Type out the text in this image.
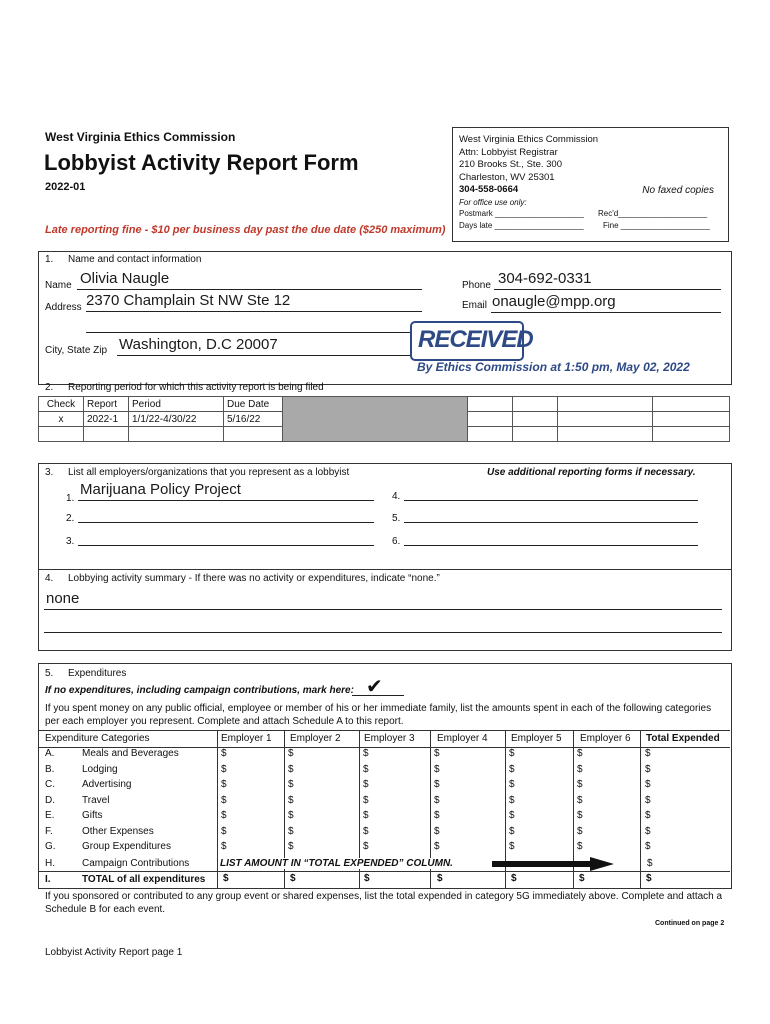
West Virginia Ethics Commission
Lobbyist Activity Report Form
2022-01
Late reporting fine - $10 per business day past the due date ($250 maximum)
West Virginia Ethics Commission
Attn: Lobbyist Registrar
210 Brooks St., Ste. 300
Charleston, WV 25301
304-558-0664	No faxed copies
For office use only:
Postmark ____________________ Rec'd____________________
Days late ____________________ Fine ____________________
1. Name and contact information
Name Olivia Naugle
Address 2370 Champlain St NW Ste 12
City, State Zip Washington, D.C 20007
Phone 304-692-0331
Email onaugle@mpp.org
RECEIVED
By Ethics Commission at 1:50 pm, May 02, 2022
2. Reporting period for which this activity report is being filed
Check	Report	Period	Due Date					
x	2022-1	1/1/22-4/30/22	5/16/22					

3. List all employers/organizations that you represent as a lobbyist	Use additional reporting forms if necessary.
1.
Marijuana Policy Project
2.
3.
4.
5.
6.
4. Lobbying activity summary - If there was no activity or expenditures, indicate “none.”
none
5. Expenditures
If no expenditures, including campaign contributions, mark here: ✔
If you spent money on any public official, employee or member of his or her immediate family, list the amounts spent in each of the following categories per each employer you represent. Complete and attach Schedule A to this report.
Expenditure Categories	Employer 1 Employer 2 Employer 3 Employer 4 Employer 5 Employer 6 Total Expended
A.	Meals and Beverages	$	$	$	$	$	$	$
B.	Lodging	$	$	$	$	$	$	$
C.	Advertising	$	$	$	$	$	$	$
D.	Travel	$	$	$	$	$	$	$
E.	Gifts	$	$	$	$	$	$	$
F.	Other Expenses	$	$	$	$	$	$	$
G.	Group Expenditures	$	$	$	$	$	$	$
H.	Campaign Contributions	LIST AMOUNT IN “TOTAL EXPENDED” COLUMN.	$
I.	TOTAL of all expenditures $	$	$	$	$	$	$
If you sponsored or contributed to any group event or shared expenses, list the total expended in category 5G immediately above. Complete and attach a Schedule B for each event.
Continued on page 2
Lobbyist Activity Report page 1
